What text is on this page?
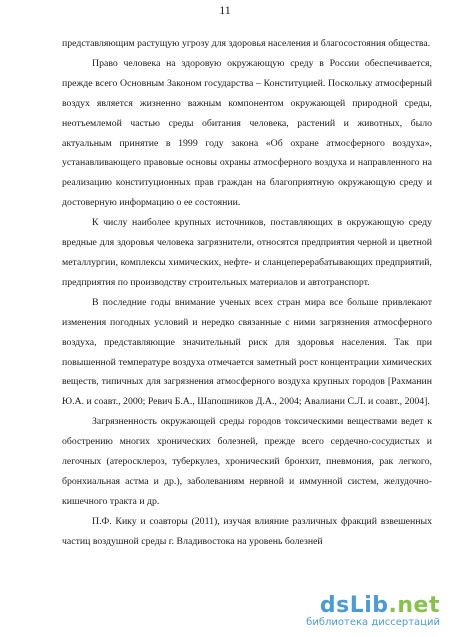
11

представляющим растущую угрозу для здоровья населения и благосостояния общества.

Право человека на здоровую окружающую среду в России обеспечивается, прежде всего Основным Законом государства – Конституцией. Поскольку атмосферный воздух является жизненно важным компонентом окружающей природной среды, неотъемлемой частью среды обитания человека, растений и животных, было актуальным принятие в 1999 году закона «Об охране атмосферного воздуха», устанавливающего правовые основы охраны атмосферного воздуха и направленного на реализацию конституционных прав граждан на благоприятную окружающую среду и достоверную информацию о ее состоянии.

К числу наиболее крупных источников, поставляющих в окружающую среду вредные для здоровья человека загрязнители, относятся предприятия черной и цветной металлургии, комплексы химических, нефте- и сланцеперерабатывающих предприятий, предприятия по производству строительных материалов и автотранспорт.

В последние годы внимание ученых всех стран мира все больше привлекают изменения погодных условий и нередко связанные с ними загрязнения атмосферного воздуха, представляющие значительный риск для здоровья населения. Так при повышенной температуре воздуха отмечается заметный рост концентрации химических веществ, типичных для загрязнения атмосферного воздуха крупных городов [Рахманин Ю.А. и соавт., 2000; Ревич Б.А., Шапошников Д.А., 2004; Авалиани С.Л. и соавт., 2004].

Загрязненность окружающей среды городов токсическими веществами ведет к обострению многих хронических болезней, прежде всего сердечно-сосудистых и легочных (атеросклероз, туберкулез, хронический бронхит, пневмония, рак легкого, бронхиальная астма и др.), заболеваниям нервной и иммунной систем, желудочно-кишечного тракта и др.

П.Ф. Кику и соавторы (2011), изучая влияние различных фракций взвешенных частиц воздушной среды г. Владивостока на уровень болезней

dsLib.net
библиотека диссертаций
